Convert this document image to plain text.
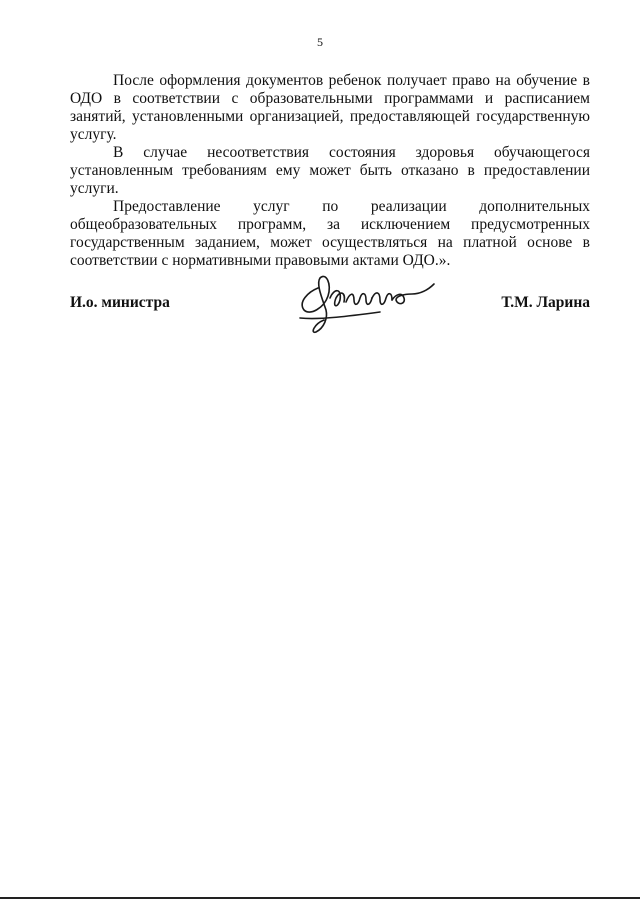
5

После оформления документов ребенок получает право на обучение в ОДО в соответствии с образовательными программами и расписанием занятий, установленными организацией, предоставляющей государственную услугу.

В случае несоответствия состояния здоровья обучающегося установленным требованиям ему может быть отказано в предоставлении услуги.

Предоставление услуг по реализации дополнительных общеобразовательных программ, за исключением предусмотренных государственным заданием, может осуществляться на платной основе в соответствии с нормативными правовыми актами ОДО.».

И.о. министра	Т.М. Ларина
